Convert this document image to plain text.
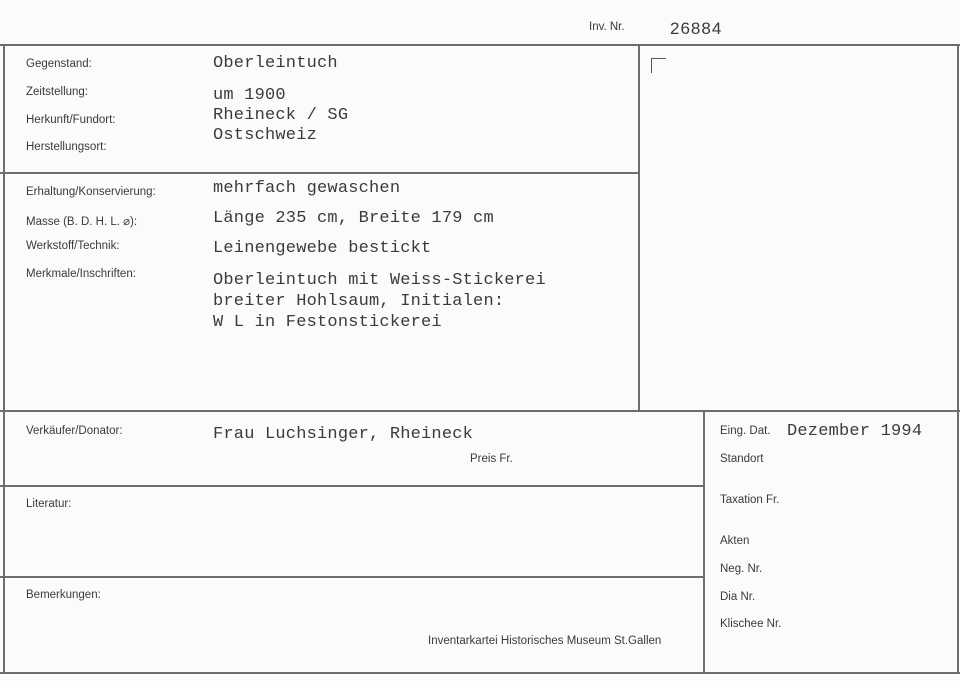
Inv. Nr.	26884
Gegenstand:
Zeitstellung:
Herkunft/Fundort:
Herstellungsort:
Oberleintuch
um 1900
Rheineck / SG
Ostschweiz
Erhaltung/Konservierung:
Masse (B. D. H. L. ⌀):
Werkstoff/Technik:
Merkmale/Inschriften:
mehrfach gewaschen
Länge 235 cm, Breite 179 cm
Leinengewebe bestickt
Oberleintuch mit Weiss-Stickerei
breiter Hohlsaum, Initialen:
W L in Festonstickerei
Verkäufer/Donator:	Frau Luchsinger, Rheineck
Preis Fr.
Literatur:
Bemerkungen:
Inventarkartei Historisches Museum St.Gallen
Eing. Dat. Dezember 1994
Standort
Taxation Fr.
Akten
Neg. Nr.
Dia Nr.
Klischee Nr.
